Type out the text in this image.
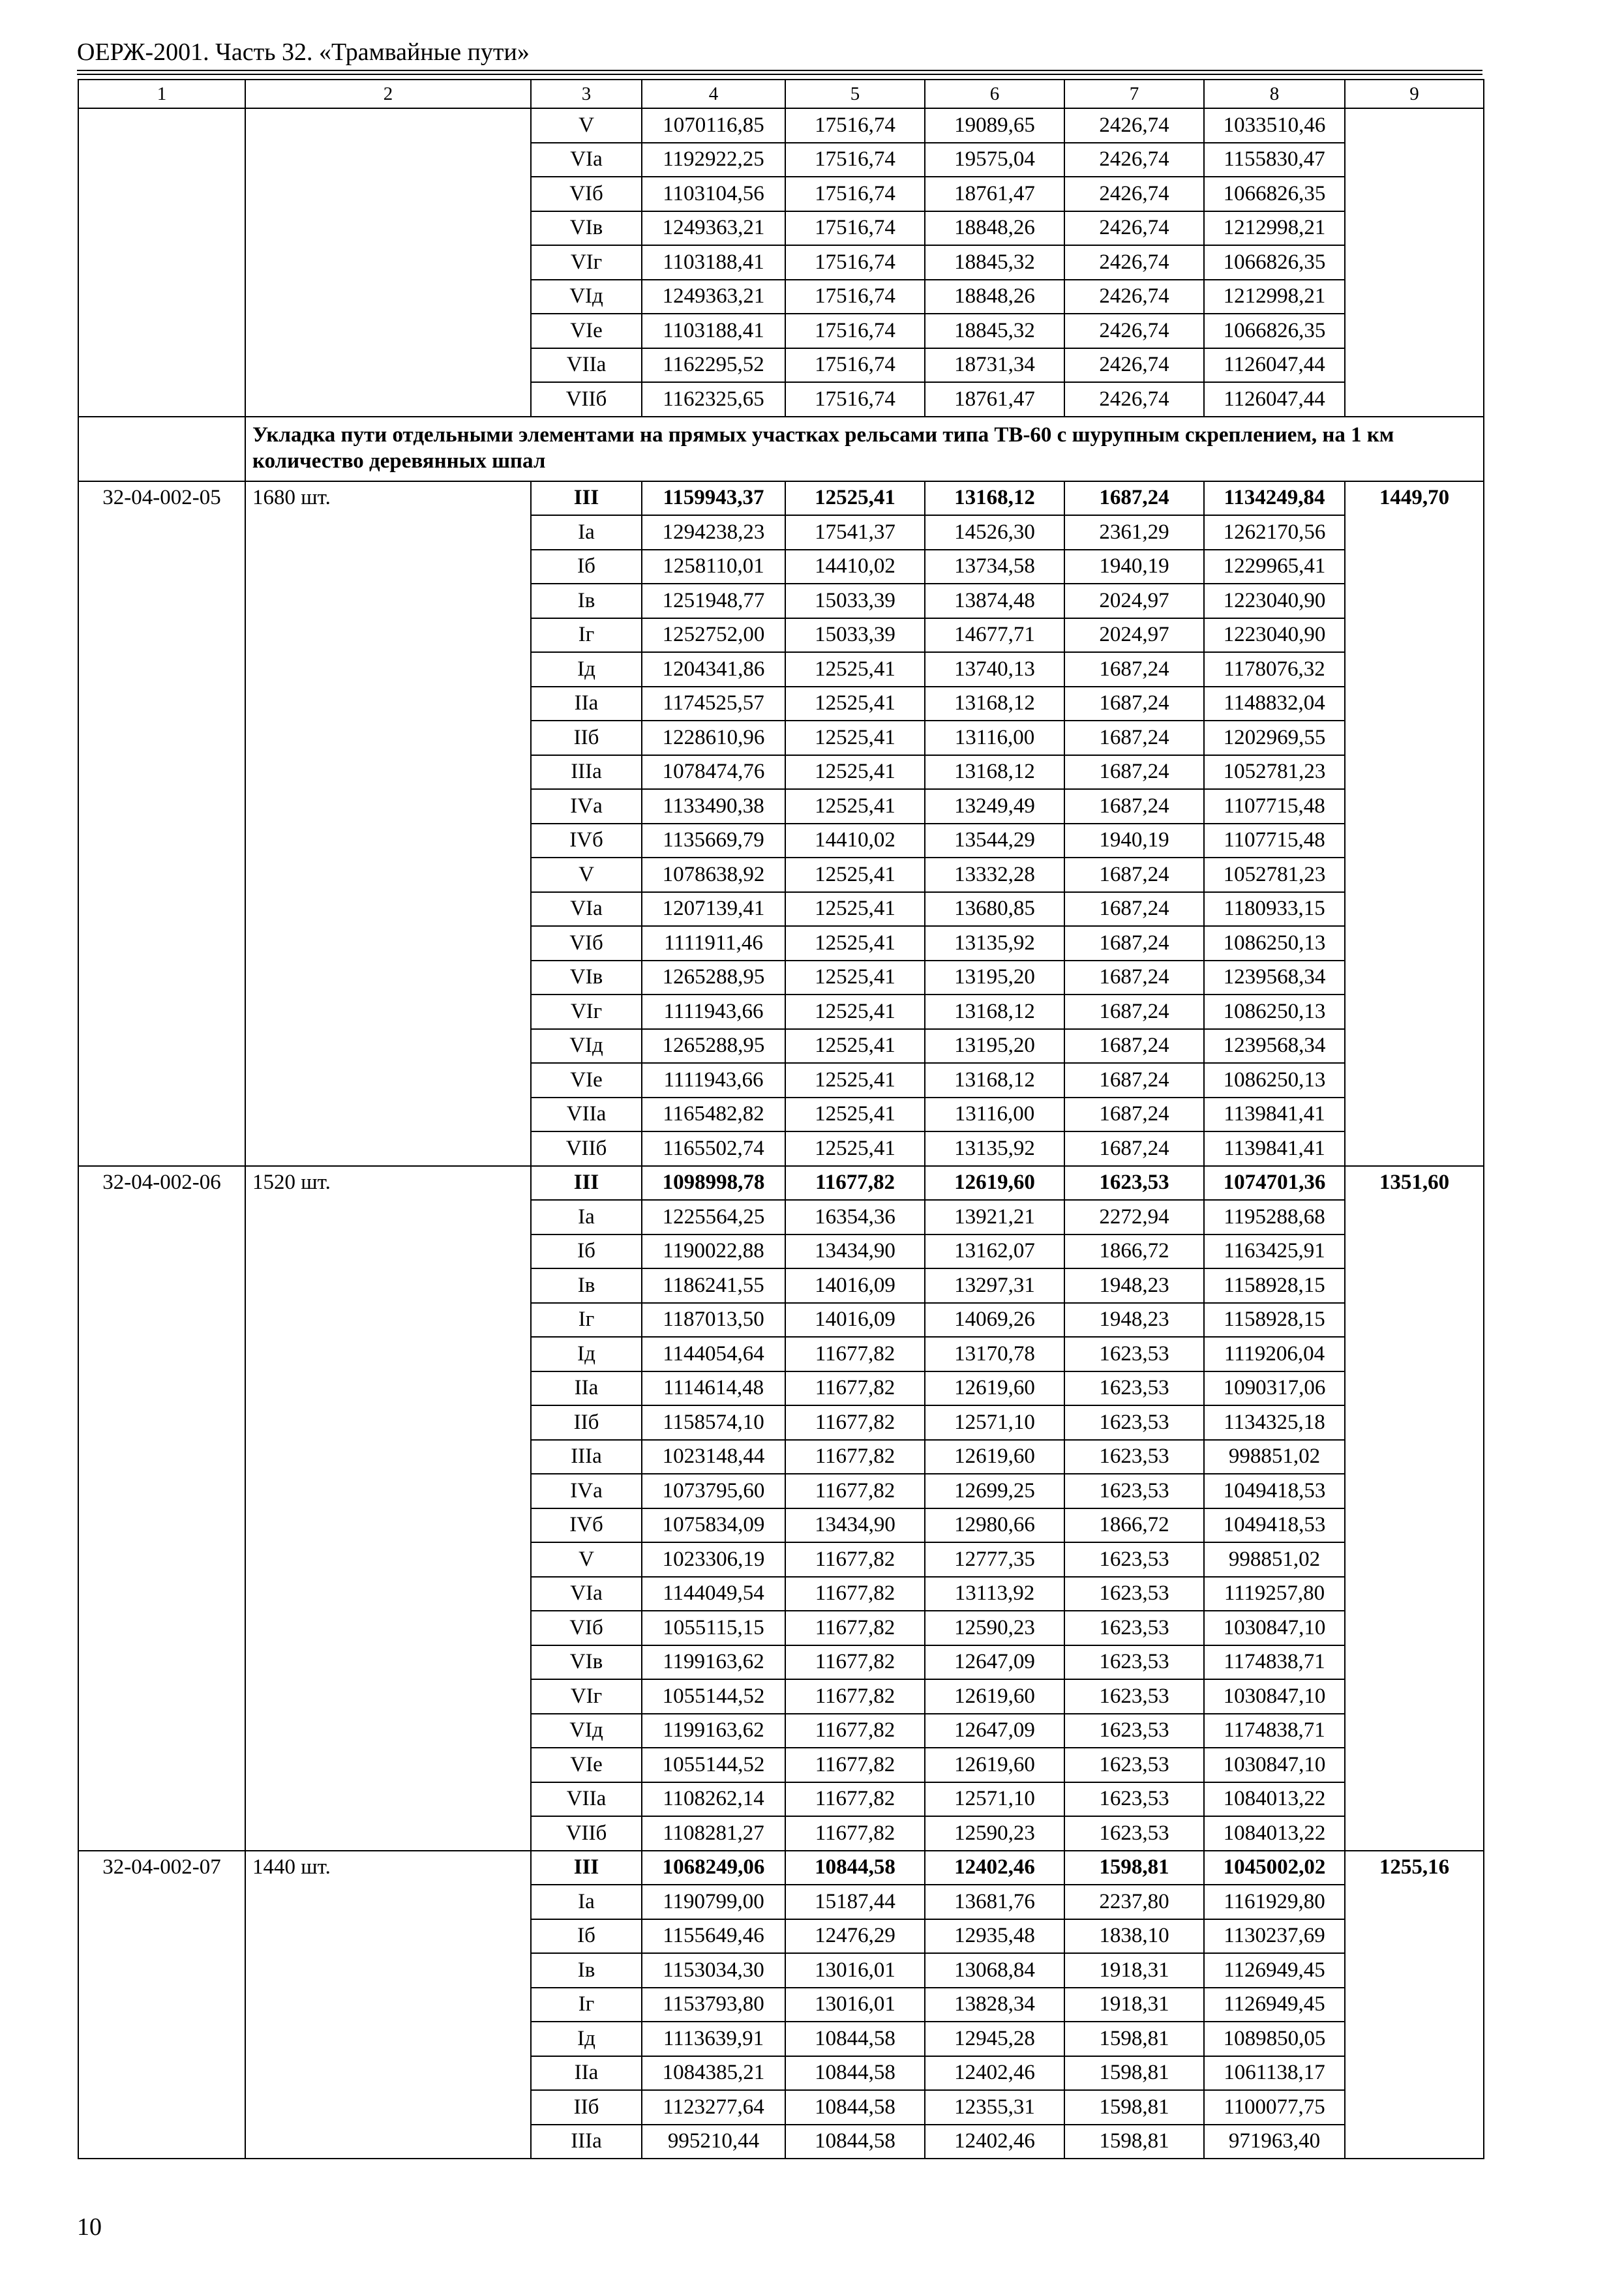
ОЕРЖ-2001. Часть 32. «Трамвайные пути»
1	2	3	4	5	6	7	8	9
		V	1070116,85	17516,74	19089,65	2426,74	1033510,46	
		VIа	1192922,25	17516,74	19575,04	2426,74	1155830,47	
		VIб	1103104,56	17516,74	18761,47	2426,74	1066826,35	
		VIв	1249363,21	17516,74	18848,26	2426,74	1212998,21	
		VIг	1103188,41	17516,74	18845,32	2426,74	1066826,35	
		VIд	1249363,21	17516,74	18848,26	2426,74	1212998,21	
		VIе	1103188,41	17516,74	18845,32	2426,74	1066826,35	
		VIIа	1162295,52	17516,74	18731,34	2426,74	1126047,44	
		VIIб	1162325,65	17516,74	18761,47	2426,74	1126047,44	
	Укладка пути отдельными элементами на прямых участках рельсами типа ТВ-60 с шурупным скреплением, на 1 км количество деревянных шпал							
32-04-002-05	1680 шт.	III	1159943,37	12525,41	13168,12	1687,24	1134249,84	1449,70
		Iа	1294238,23	17541,37	14526,30	2361,29	1262170,56	
		Iб	1258110,01	14410,02	13734,58	1940,19	1229965,41	
		Iв	1251948,77	15033,39	13874,48	2024,97	1223040,90	
		Iг	1252752,00	15033,39	14677,71	2024,97	1223040,90	
		Iд	1204341,86	12525,41	13740,13	1687,24	1178076,32	
		IIа	1174525,57	12525,41	13168,12	1687,24	1148832,04	
		IIб	1228610,96	12525,41	13116,00	1687,24	1202969,55	
		IIIа	1078474,76	12525,41	13168,12	1687,24	1052781,23	
		IVа	1133490,38	12525,41	13249,49	1687,24	1107715,48	
		IVб	1135669,79	14410,02	13544,29	1940,19	1107715,48	
		V	1078638,92	12525,41	13332,28	1687,24	1052781,23	
		VIа	1207139,41	12525,41	13680,85	1687,24	1180933,15	
		VIб	1111911,46	12525,41	13135,92	1687,24	1086250,13	
		VIв	1265288,95	12525,41	13195,20	1687,24	1239568,34	
		VIг	1111943,66	12525,41	13168,12	1687,24	1086250,13	
		VIд	1265288,95	12525,41	13195,20	1687,24	1239568,34	
		VIе	1111943,66	12525,41	13168,12	1687,24	1086250,13	
		VIIа	1165482,82	12525,41	13116,00	1687,24	1139841,41	
		VIIб	1165502,74	12525,41	13135,92	1687,24	1139841,41	
32-04-002-06	1520 шт.	III	1098998,78	11677,82	12619,60	1623,53	1074701,36	1351,60
		Iа	1225564,25	16354,36	13921,21	2272,94	1195288,68	
		Iб	1190022,88	13434,90	13162,07	1866,72	1163425,91	
		Iв	1186241,55	14016,09	13297,31	1948,23	1158928,15	
		Iг	1187013,50	14016,09	14069,26	1948,23	1158928,15	
		Iд	1144054,64	11677,82	13170,78	1623,53	1119206,04	
		IIа	1114614,48	11677,82	12619,60	1623,53	1090317,06	
		IIб	1158574,10	11677,82	12571,10	1623,53	1134325,18	
		IIIа	1023148,44	11677,82	12619,60	1623,53	998851,02	
		IVа	1073795,60	11677,82	12699,25	1623,53	1049418,53	
		IVб	1075834,09	13434,90	12980,66	1866,72	1049418,53	
		V	1023306,19	11677,82	12777,35	1623,53	998851,02	
		VIа	1144049,54	11677,82	13113,92	1623,53	1119257,80	
		VIб	1055115,15	11677,82	12590,23	1623,53	1030847,10	
		VIв	1199163,62	11677,82	12647,09	1623,53	1174838,71	
		VIг	1055144,52	11677,82	12619,60	1623,53	1030847,10	
		VIд	1199163,62	11677,82	12647,09	1623,53	1174838,71	
		VIе	1055144,52	11677,82	12619,60	1623,53	1030847,10	
		VIIа	1108262,14	11677,82	12571,10	1623,53	1084013,22	
		VIIб	1108281,27	11677,82	12590,23	1623,53	1084013,22	
32-04-002-07	1440 шт.	III	1068249,06	10844,58	12402,46	1598,81	1045002,02	1255,16
		Iа	1190799,00	15187,44	13681,76	2237,80	1161929,80	
		Iб	1155649,46	12476,29	12935,48	1838,10	1130237,69	
		Iв	1153034,30	13016,01	13068,84	1918,31	1126949,45	
		Iг	1153793,80	13016,01	13828,34	1918,31	1126949,45	
		Iд	1113639,91	10844,58	12945,28	1598,81	1089850,05	
		IIа	1084385,21	10844,58	12402,46	1598,81	1061138,17	
		IIб	1123277,64	10844,58	12355,31	1598,81	1100077,75	
		IIIа	995210,44	10844,58	12402,46	1598,81	971963,40	
10
